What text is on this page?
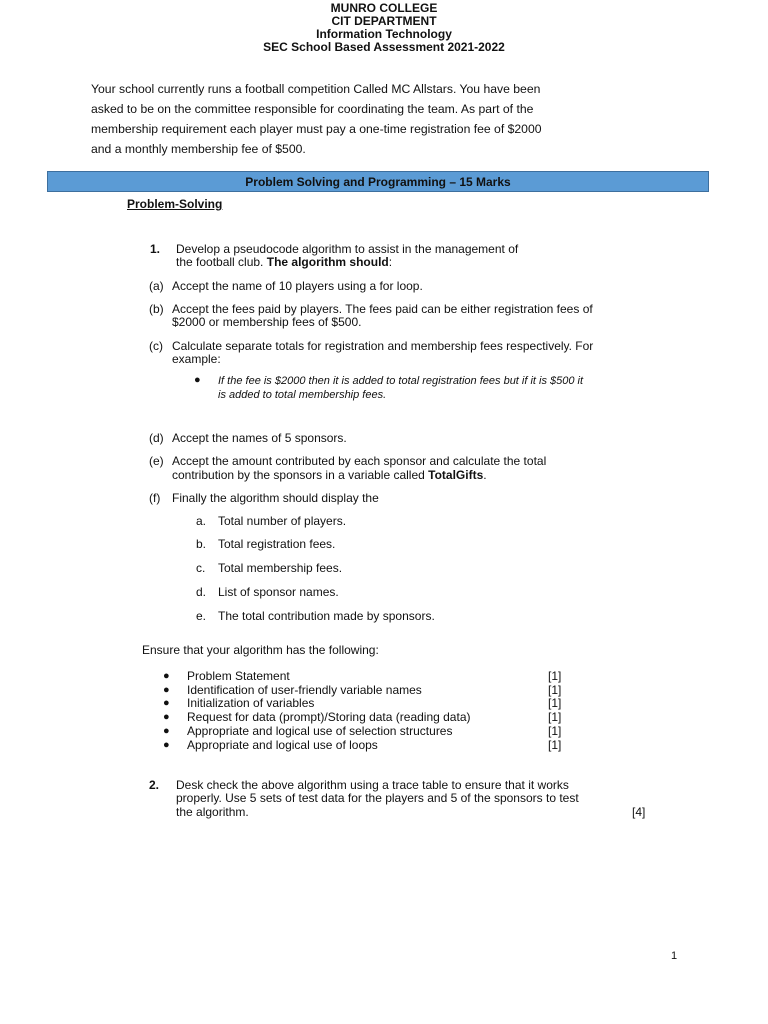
MUNRO COLLEGE
CIT DEPARTMENT
Information Technology
SEC School Based Assessment 2021-2022
Your school currently runs a football competition Called MC Allstars. You have been
asked to be on the committee responsible for coordinating the team. As part of the
membership requirement each player must pay a one-time registration fee of $2000
and a monthly membership fee of $500.
Problem Solving and Programming – 15 Marks
Problem-Solving
1. Develop a pseudocode algorithm to assist in the management of
the football club. The algorithm should:
(a) Accept the name of 10 players using a for loop.
(b) Accept the fees paid by players. The fees paid can be either registration fees of
$2000 or membership fees of $500.
(c) Calculate separate totals for registration and membership fees respectively. For
example:
● If the fee is $2000 then it is added to total registration fees but if it is $500 it
is added to total membership fees.
(d) Accept the names of 5 sponsors.
(e) Accept the amount contributed by each sponsor and calculate the total
contribution by the sponsors in a variable called TotalGifts.
(f) Finally the algorithm should display the
a. Total number of players.
b. Total registration fees.
c. Total membership fees.
d. List of sponsor names.
e. The total contribution made by sponsors.
Ensure that your algorithm has the following:
● Problem Statement	[1]
● Identification of user-friendly variable names	[1]
● Initialization of variables	[1]
● Request for data (prompt)/Storing data (reading data)	[1]
● Appropriate and logical use of selection structures	[1]
● Appropriate and logical use of loops	[1]
2. Desk check the above algorithm using a trace table to ensure that it works
properly. Use 5 sets of test data for the players and 5 of the sponsors to test
the algorithm.	[4]
1
